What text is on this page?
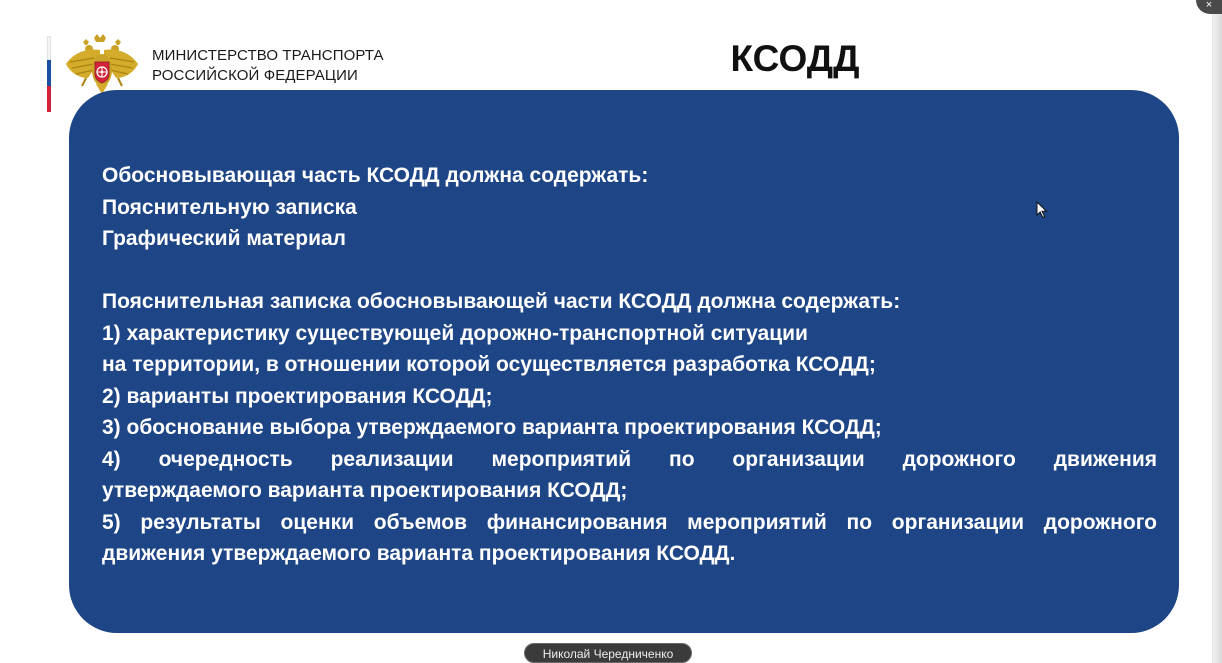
×
МИНИСТЕРСТВО ТРАНСПОРТА
РОССИЙСКОЙ ФЕДЕРАЦИИ	КСОДД
Обосновывающая часть КСОДД должна содержать:
Пояснительную записка
Графический материал
Пояснительная записка обосновывающей части КСОДД должна содержать:
1) характеристику существующей дорожно-транспортной ситуации
на территории, в отношении которой осуществляется разработка КСОДД;
2) варианты проектирования КСОДД;
3) обоснование выбора утверждаемого варианта проектирования КСОДД;
4) очередность реализации мероприятий по организации дорожного движения
утверждаемого варианта проектирования КСОДД;
5) результаты оценки объемов финансирования мероприятий по организации дорожного
движения утверждаемого варианта проектирования КСОДД.
Николай Чередниченко
